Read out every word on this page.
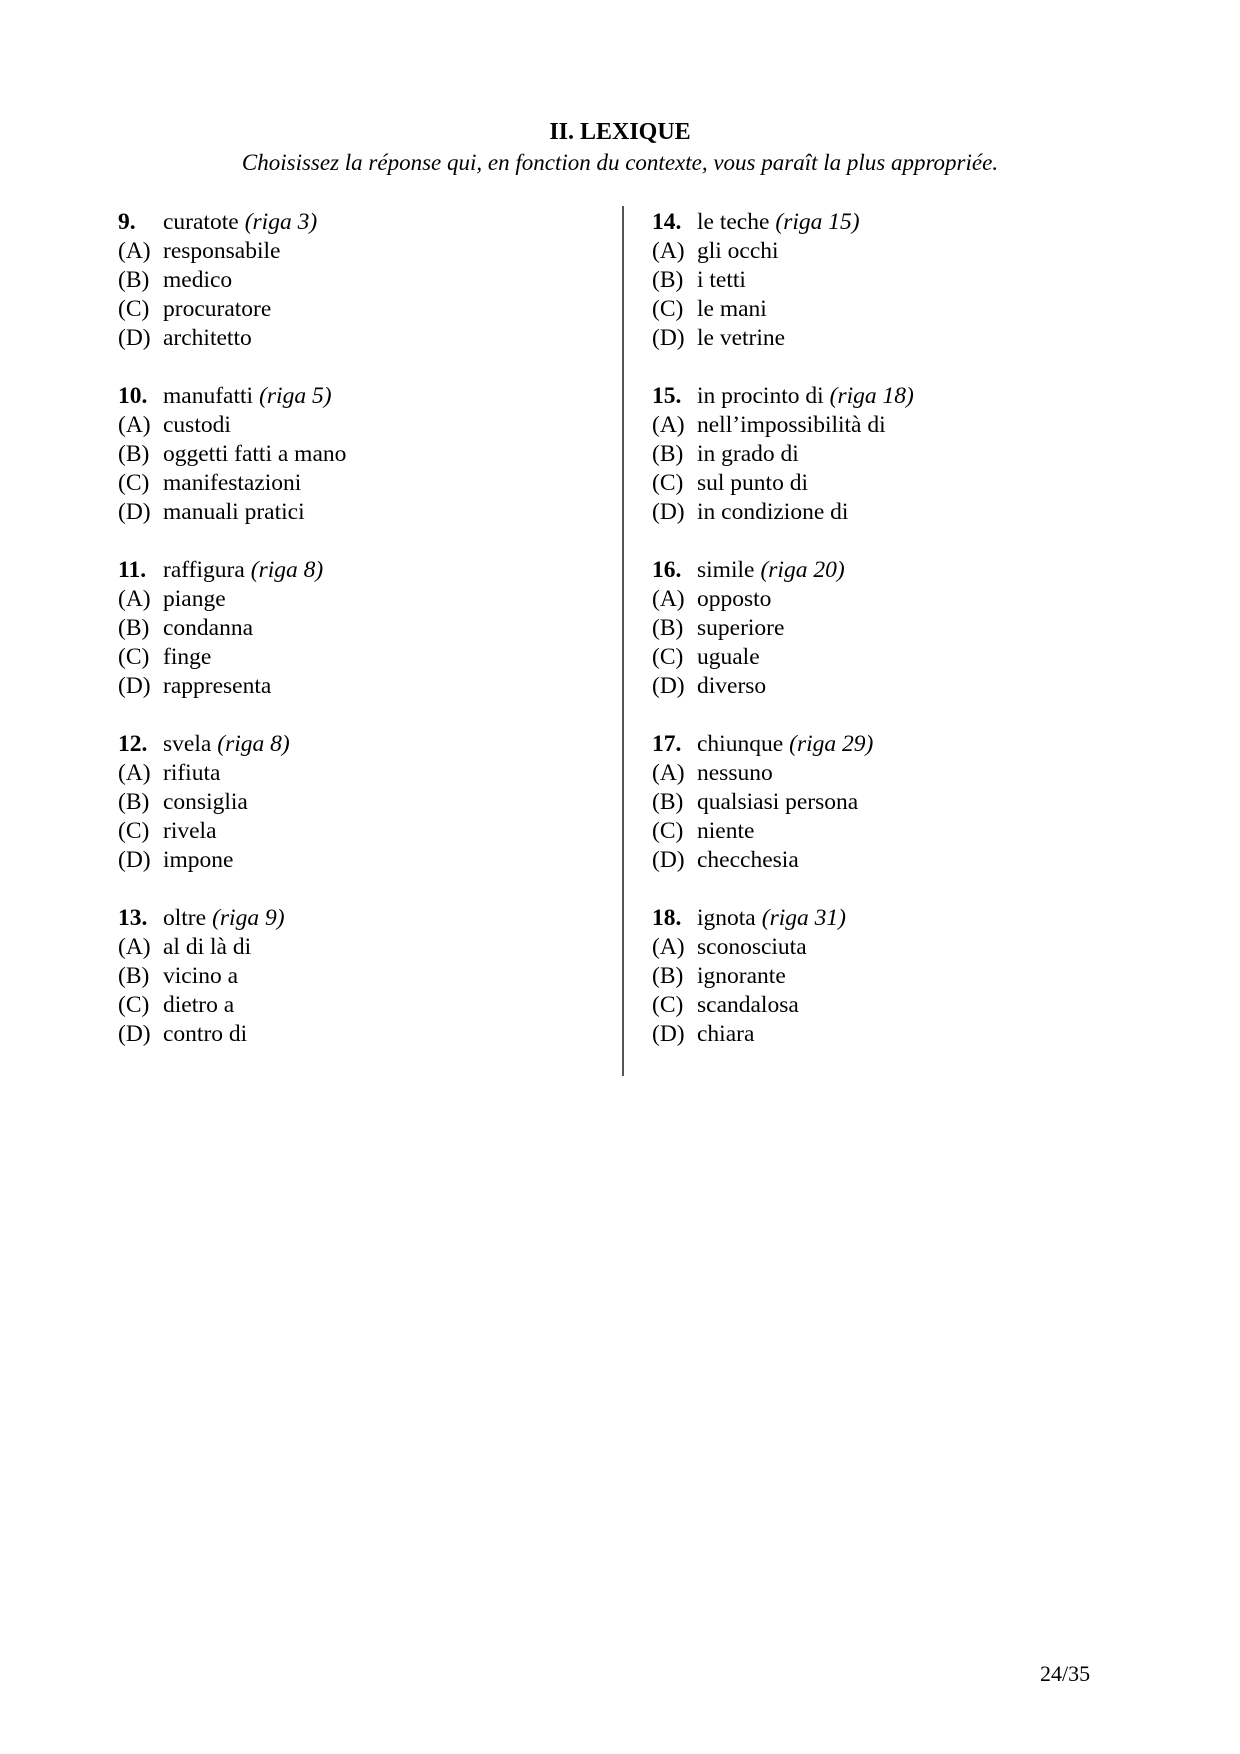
II. LEXIQUE

Choisissez la réponse qui, en fonction du contexte, vous paraît la plus appropriée.

9.	curatote (riga 3)
(A) responsabile
(B) medico
(C) procuratore
(D) architetto
10. manufatti (riga 5)
(A) custodi
(B) oggetti fatti a mano
(C) manifestazioni
(D) manuali pratici
11. raffigura (riga 8)
(A) piange
(B) condanna
(C) finge
(D) rappresenta
12. svela (riga 8)
(A) rifiuta
(B) consiglia
(C) rivela
(D) impone
13. oltre (riga 9)
(A) al di là di
(B) vicino a
(C) dietro a
(D) contro di
14. le teche (riga 15)
(A) gli occhi
(B) i tetti
(C) le mani
(D) le vetrine
15. in procinto di (riga 18)
(A) nell’impossibilità di
(B) in grado di
(C) sul punto di
(D) in condizione di
16. simile (riga 20)
(A) opposto
(B) superiore
(C) uguale
(D) diverso
17. chiunque (riga 29)
(A) nessuno
(B) qualsiasi persona
(C) niente
(D) checchesia
18. ignota (riga 31)
(A) sconosciuta
(B) ignorante
(C) scandalosa
(D) chiara
24/35
